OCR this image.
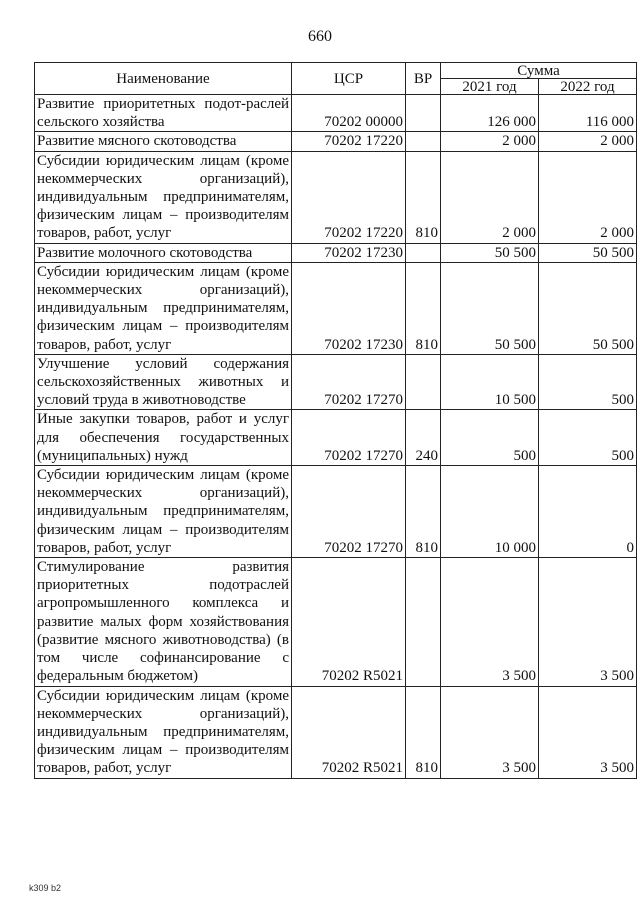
660
Наименование	ЦСР	ВР	Сумма	
			2021 год	2022 год
Развитие приоритетных подот-раслей сельского хозяйства	70202 00000		126 000	116 000
Развитие мясного скотоводства	70202 17220		2 000	2 000
Субсидии юридическим лицам (кроме некоммерческих организаций), индивидуальным предпринимателям, физическим лицам – производителям товаров, работ, услуг	70202 17220	810	2 000	2 000
Развитие молочного скотоводства	70202 17230		50 500	50 500
Субсидии юридическим лицам (кроме некоммерческих организаций), индивидуальным предпринимателям, физическим лицам – производителям товаров, работ, услуг	70202 17230	810	50 500	50 500
Улучшение условий содержания сельскохозяйственных животных и условий труда в животноводстве	70202 17270		10 500	500
Иные закупки товаров, работ и услуг для обеспечения государственных (муниципальных) нужд	70202 17270	240	500	500
Субсидии юридическим лицам (кроме некоммерческих организаций), индивидуальным предпринимателям, физическим лицам – производителям товаров, работ, услуг	70202 17270	810	10 000	0
Стимулирование развития приоритетных подотраслей агропромышленного комплекса и развитие малых форм хозяйствования (развитие мясного животноводства) (в том числе софинансирование с федеральным бюджетом)	70202 R5021		3 500	3 500
Субсидии юридическим лицам (кроме некоммерческих организаций), индивидуальным предпринимателям, физическим лицам – производителям товаров, работ, услуг	70202 R5021	810	3 500	3 500
k309 b2
